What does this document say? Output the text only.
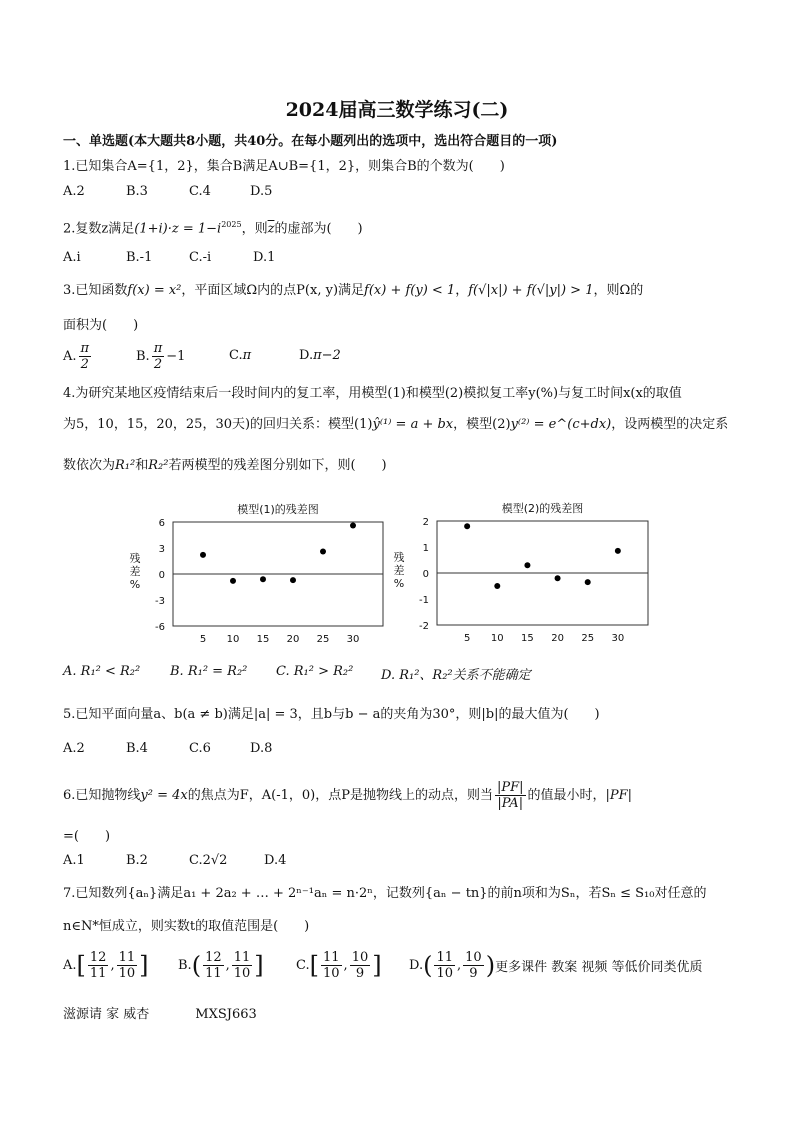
2024届高三数学练习(二)
一、单选题(本大题共8小题，共40分。在每小题列出的选项中，选出符合题目的一项)
1.已知集合A={1，2}，集合B满足A∪B={1，2}，则集合B的个数为(　　)
A.2	B.3	C.4	D.5
2.复数z满足$(1+i)\cdot z = 1-i^{2025}$，则$\overline{z}$的虚部为(　　)
A.i	B.-1	C.-i	D.1
3.已知函数f(x) = x²，平面区域Ω内的点P(x, y)满足f(x) + f(y) < 1，f(√|x|) + f(√|y|) > 1，则Ω的
面积为(　　)
A. $\frac{\pi}{2}$	B. $\frac{\pi}{2} -1$	C.π	D.π−2
4.为研究某地区疫情结束后一段时间内的复工率，用模型(1)和模型(2)模拟复工率y(%)与复工时间x(x的取值
为5，10，15，20，25，30天)的回归关系：模型(1)ŷ⁽¹⁾ = a + bx，模型(2)y⁽²⁾ = e^(c+dx)，设两模型的决定系
数依次为R₁²和R₂²若两模型的残差图分别如下，则(　　)
模型(1)的残差图
残
差
%
6
3
0
-3
-6
5 10 15 20 25 30
模型(2)的残差图
残
差
%
2
1
0
-1
-2
5 10 15 20 25 30
A. R₁² < R₂² B. R₁² = R₂² C. R₁² > R₂² D. R₁²、R₂²关系不能确定
5.已知平面向量a、b(a ≠ b)满足|a| = 3，且b与b − a的夹角为30°，则|b|的最大值为(　　)
A.2	B.4	C.6	D.8
6.已知抛物线y² = 4x的焦点为F，A(-1，0)，点P是抛物线上的动点，则当 $\frac{|PF|}{|PA|}$ 的值最小时，|PF|
=(　　)
A.1	B.2	C.2√2	D.4
7.已知数列{aₙ}满足a₁ + 2a₂ + … + 2ⁿ⁻¹aₙ = n·2ⁿ，记数列{aₙ − tn}的前n项和为Sₙ，若Sₙ ≤ S₁₀对任意的
n∈N*恒成立，则实数t的取值范围是(　　)
$A.[ \frac{12}{11}$ , $\frac{11}{10}$ ] $B.( \frac{12}{11}$ , $\frac{11}{10}$ ] $C.[ \frac{11}{10}$ , $\frac{10}{9}$ ] $D.( \frac{11}{10}$ , $\frac{10}{9}$ )更多课件 教案 视频 等低价同类优质
滋源请 家 威杏	MXSJ663
